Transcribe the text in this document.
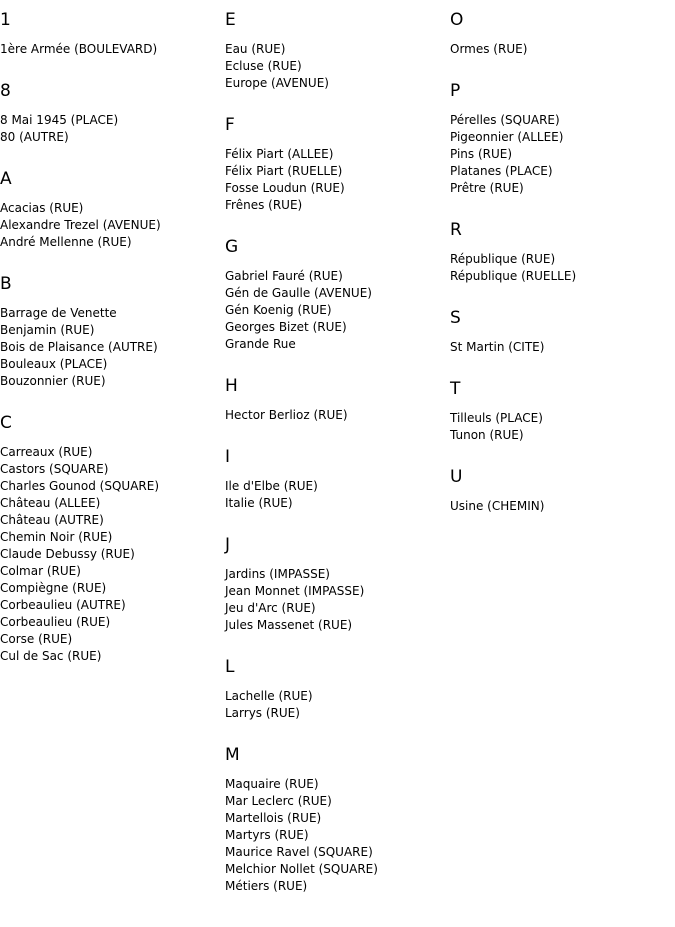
1
1ère Armée (BOULEVARD)
8
8 Mai 1945 (PLACE)
80 (AUTRE)
A
Acacias (RUE)
Alexandre Trezel (AVENUE)
André Mellenne (RUE)
B
Barrage de Venette
Benjamin (RUE)
Bois de Plaisance (AUTRE)
Bouleaux (PLACE)
Bouzonnier (RUE)
C
Carreaux (RUE)
Castors (SQUARE)
Charles Gounod (SQUARE)
Château (ALLEE)
Château (AUTRE)
Chemin Noir (RUE)
Claude Debussy (RUE)
Colmar (RUE)
Compiègne (RUE)
Corbeaulieu (AUTRE)
Corbeaulieu (RUE)
Corse (RUE)
Cul de Sac (RUE)
E
Eau (RUE)
Ecluse (RUE)
Europe (AVENUE)
F
Félix Piart (ALLEE)
Félix Piart (RUELLE)
Fosse Loudun (RUE)
Frênes (RUE)
G
Gabriel Fauré (RUE)
Gén de Gaulle (AVENUE)
Gén Koenig (RUE)
Georges Bizet (RUE)
Grande Rue
H
Hector Berlioz (RUE)
I
Ile d'Elbe (RUE)
Italie (RUE)
J
Jardins (IMPASSE)
Jean Monnet (IMPASSE)
Jeu d'Arc (RUE)
Jules Massenet (RUE)
L
Lachelle (RUE)
Larrys (RUE)
M
Maquaire (RUE)
Mar Leclerc (RUE)
Martellois (RUE)
Martyrs (RUE)
Maurice Ravel (SQUARE)
Melchior Nollet (SQUARE)
Métiers (RUE)
O
Ormes (RUE)
P
Pérelles (SQUARE)
Pigeonnier (ALLEE)
Pins (RUE)
Platanes (PLACE)
Prêtre (RUE)
R
République (RUE)
République (RUELLE)
S
St Martin (CITE)
T
Tilleuls (PLACE)
Tunon (RUE)
U
Usine (CHEMIN)
